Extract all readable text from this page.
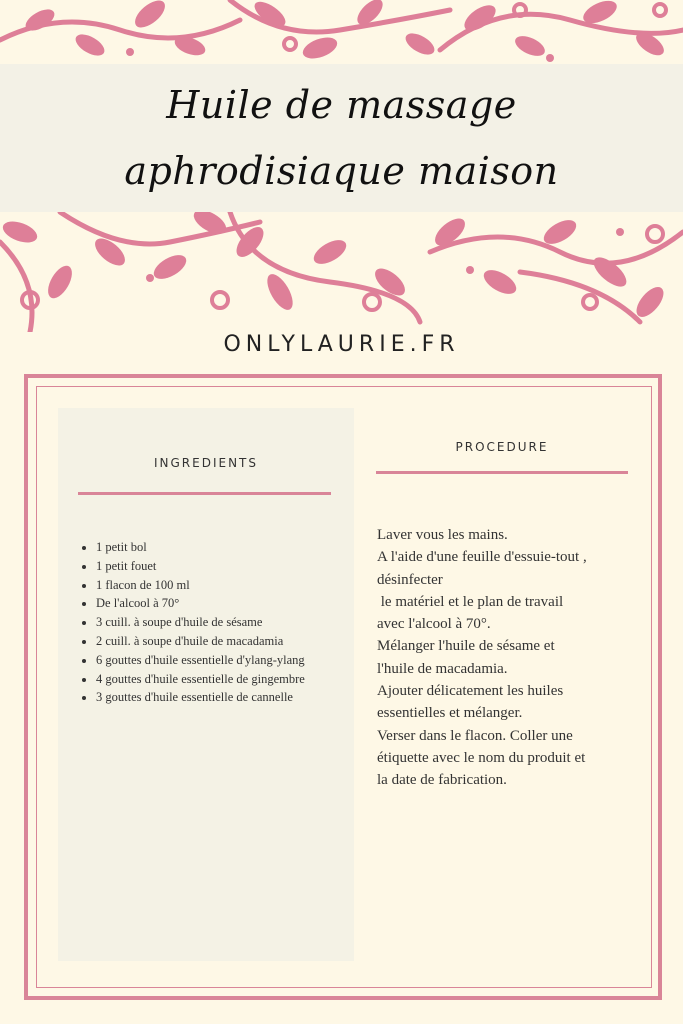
Huile de massage aphrodisiaque maison
ONLYLAURIE.FR
INGREDIENTS
• 1 petit bol
• 1 petit fouet
• 1 flacon de 100 ml
• De l'alcool à 70°
• 3 cuill. à soupe d'huile de sésame
• 2 cuill. à soupe d'huile de macadamia
• 6 gouttes d'huile essentielle d'ylang-ylang
• 4 gouttes d'huile essentielle de gingembre
• 3 gouttes d'huile essentielle de cannelle
PROCEDURE
Laver vous les mains.
A l'aide d'une feuille d'essuie-tout ,
désinfecter
le matériel et le plan de travail
avec l'alcool à 70°.
Mélanger l'huile de sésame et
l'huile de macadamia.
Ajouter délicatement les huiles
essentielles et mélanger.
Verser dans le flacon. Coller une
étiquette avec le nom du produit et
la date de fabrication.
